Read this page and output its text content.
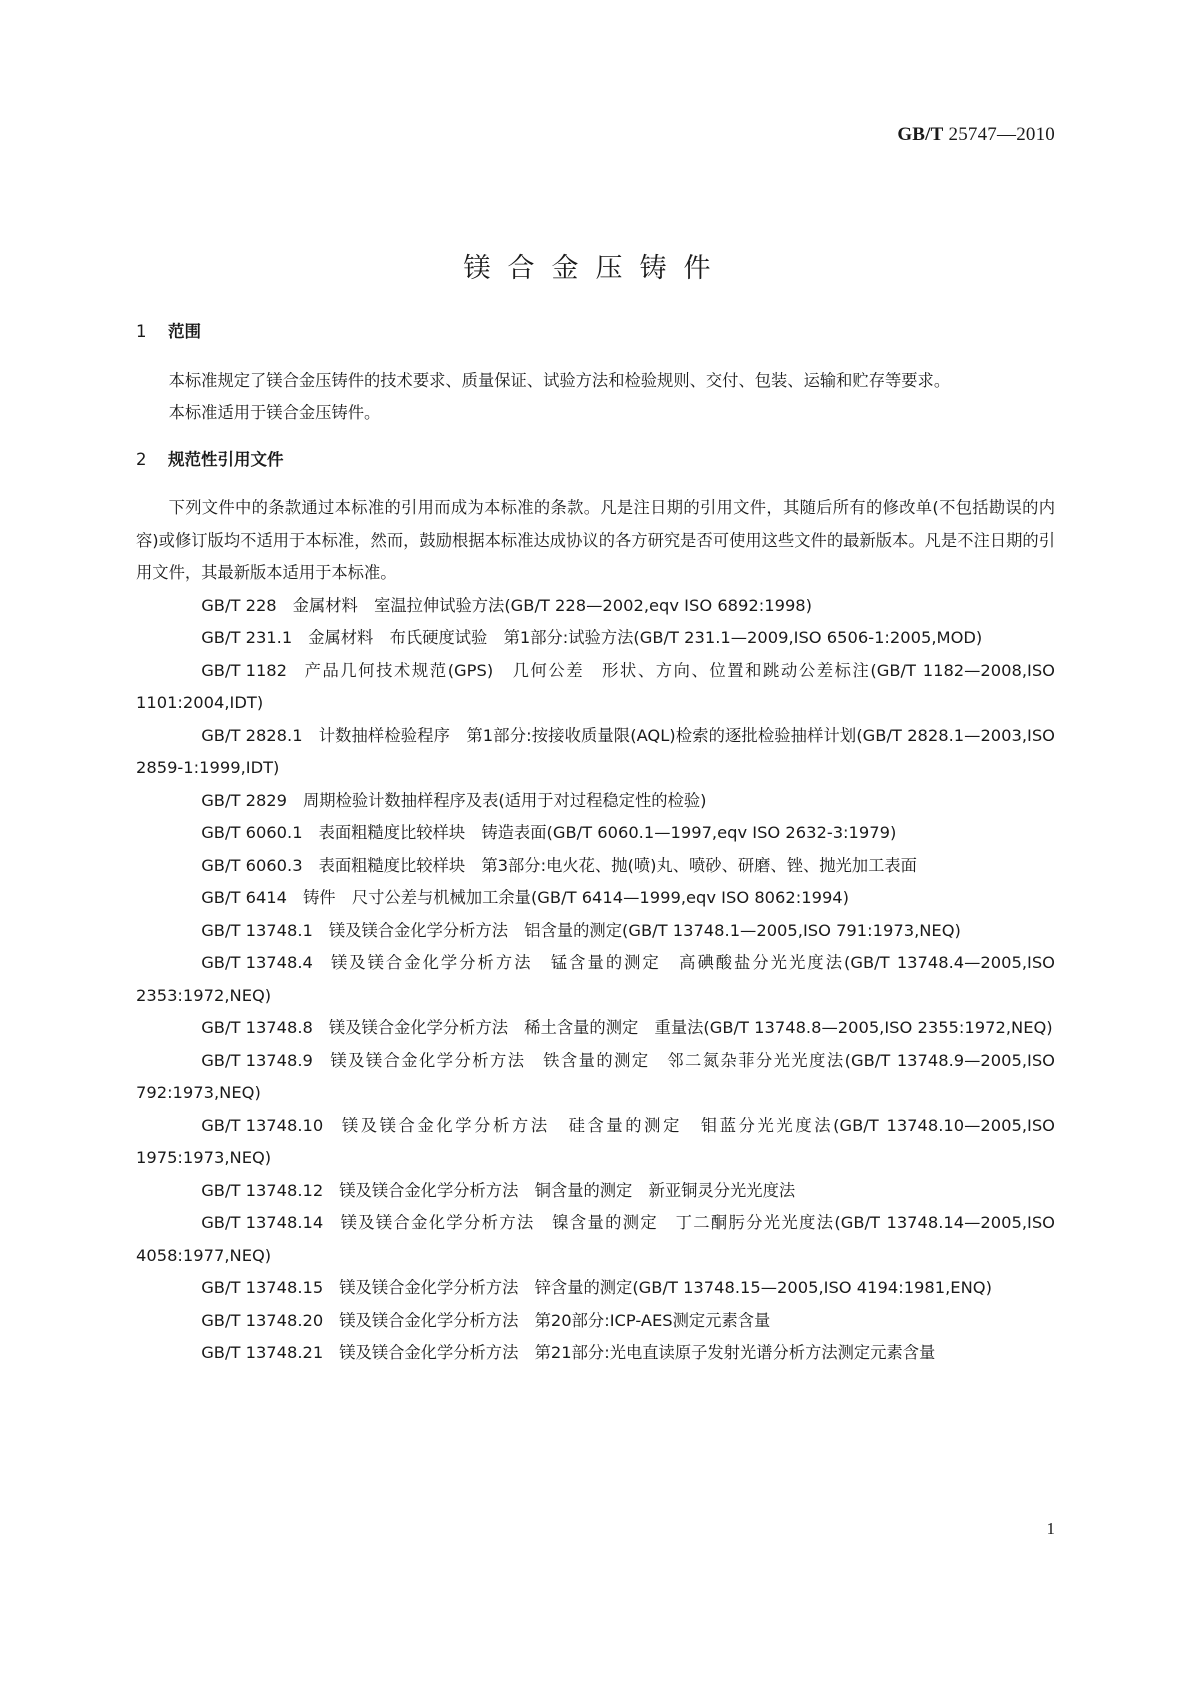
GB/T 25747—2010
镁合金压铸件
1 范围

本标准规定了镁合金压铸件的技术要求、质量保证、试验方法和检验规则、交付、包装、运输和贮存等要求。

本标准适用于镁合金压铸件。

2 规范性引用文件

下列文件中的条款通过本标准的引用而成为本标准的条款。凡是注日期的引用文件，其随后所有的修改单(不包括勘误的内容)或修订版均不适用于本标准，然而，鼓励根据本标准达成协议的各方研究是否可使用这些文件的最新版本。凡是不注日期的引用文件，其最新版本适用于本标准。

GB/T 228 金属材料　室温拉伸试验方法(GB/T 228—2002,eqv ISO 6892:1998)

GB/T 231.1 金属材料　布氏硬度试验　第1部分:试验方法(GB/T 231.1—2009,ISO 6506-1:2005,MOD)

GB/T 1182 产品几何技术规范(GPS)　几何公差　形状、方向、位置和跳动公差标注(GB/T 1182—2008,ISO 1101:2004,IDT)

GB/T 2828.1 计数抽样检验程序　第1部分:按接收质量限(AQL)检索的逐批检验抽样计划(GB/T 2828.1—2003,ISO 2859-1:1999,IDT)

GB/T 2829 周期检验计数抽样程序及表(适用于对过程稳定性的检验)

GB/T 6060.1 表面粗糙度比较样块　铸造表面(GB/T 6060.1—1997,eqv ISO 2632-3:1979)

GB/T 6060.3 表面粗糙度比较样块　第3部分:电火花、抛(喷)丸、喷砂、研磨、锉、抛光加工表面

GB/T 6414 铸件　尺寸公差与机械加工余量(GB/T 6414—1999,eqv ISO 8062:1994)

GB/T 13748.1 镁及镁合金化学分析方法　铝含量的测定(GB/T 13748.1—2005,ISO 791:1973,NEQ)

GB/T 13748.4 镁及镁合金化学分析方法　锰含量的测定　高碘酸盐分光光度法(GB/T 13748.4—2005,ISO 2353:1972,NEQ)

GB/T 13748.8 镁及镁合金化学分析方法　稀土含量的测定　重量法(GB/T 13748.8—2005,ISO 2355:1972,NEQ)

GB/T 13748.9 镁及镁合金化学分析方法　铁含量的测定　邻二氮杂菲分光光度法(GB/T 13748.9—2005,ISO 792:1973,NEQ)

GB/T 13748.10 镁及镁合金化学分析方法　硅含量的测定　钼蓝分光光度法(GB/T 13748.10—2005,ISO 1975:1973,NEQ)

GB/T 13748.12 镁及镁合金化学分析方法　铜含量的测定　新亚铜灵分光光度法

GB/T 13748.14 镁及镁合金化学分析方法　镍含量的测定　丁二酮肟分光光度法(GB/T 13748.14—2005,ISO 4058:1977,NEQ)

GB/T 13748.15 镁及镁合金化学分析方法　锌含量的测定(GB/T 13748.15—2005,ISO 4194:1981,ENQ)

GB/T 13748.20 镁及镁合金化学分析方法　第20部分:ICP-AES测定元素含量

GB/T 13748.21 镁及镁合金化学分析方法　第21部分:光电直读原子发射光谱分析方法测定元素含量

1
